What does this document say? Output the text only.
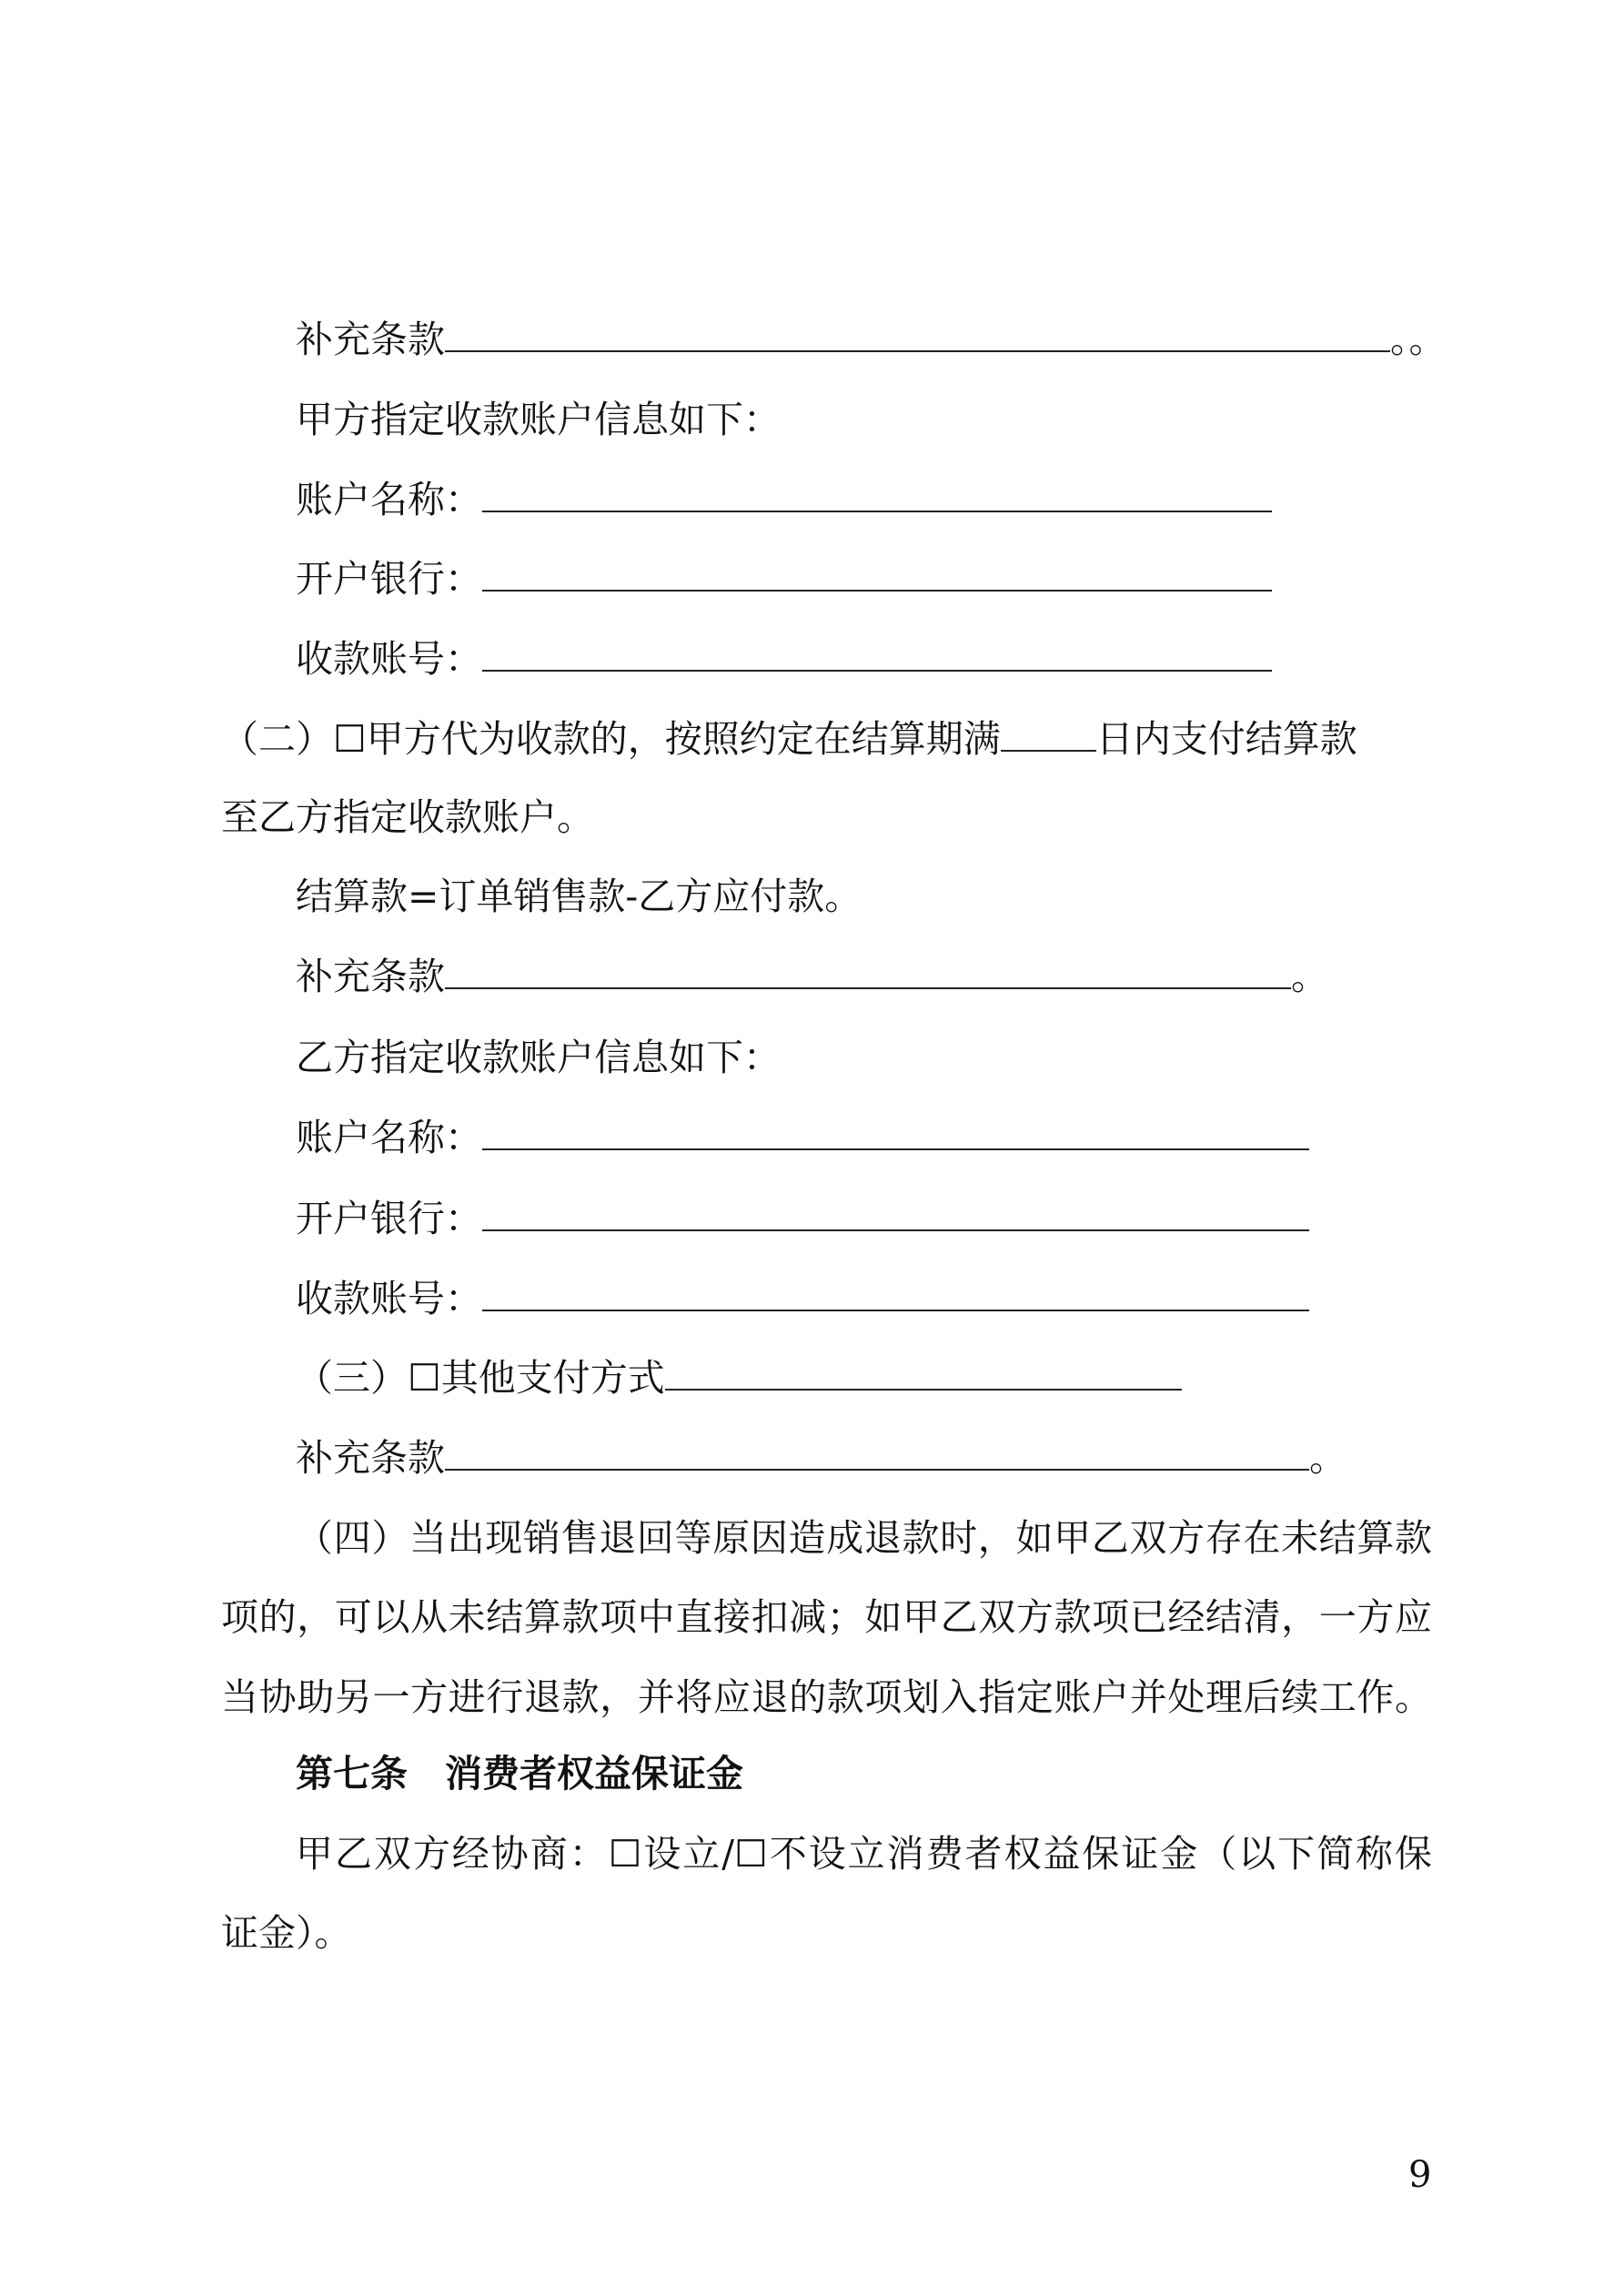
补充条款	。。
甲方指定收款账户信息如下：
账户名称：
开户银行：
收款账号：
（二）☐甲方代为收款的，按照约定在结算期满	日内支付结算款
至乙方指定收款账户。
结算款=订单销售款-乙方应付款。
补充条款	。
乙方指定收款账户信息如下：
账户名称：
开户银行：
收款账号：
（三）☐其他支付方式
补充条款	。
（四）当出现销售退回等原因造成退款时，如甲乙双方存在未结算款
项的，可以从未结算款项中直接扣减；如甲乙双方款项已经结清，一方应
当协助另一方进行退款，并将应退的款项划入指定账户并处理后续工作。
第七条　消费者权益保证金
甲乙双方经协商：☐设立/☐不设立消费者权益保证金（以下简称保
证金）。
9
